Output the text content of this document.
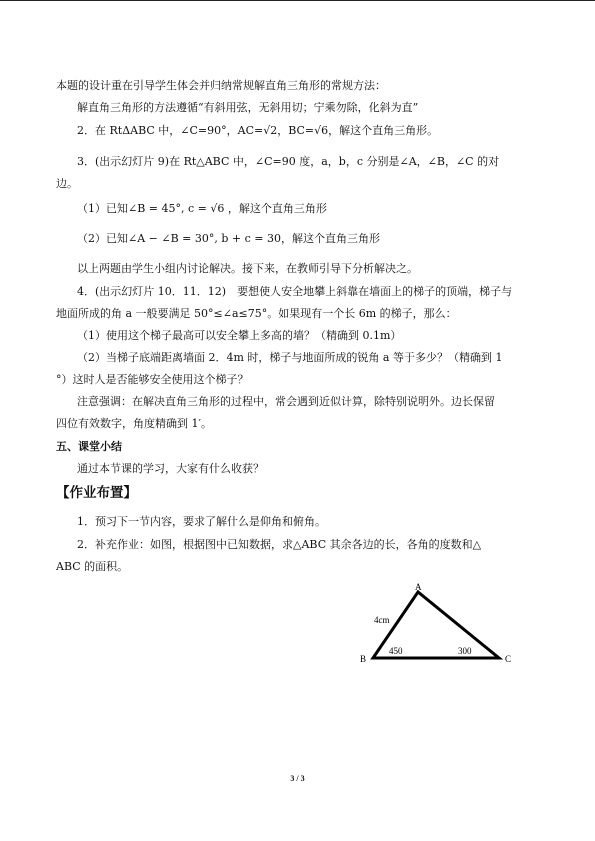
本题的设计重在引导学生体会并归纳常规解直角三角形的常规方法：
解直角三角形的方法遵循“有斜用弦，无斜用切；宁乘勿除，化斜为直”
2．在 RtΔABC 中，∠C=90°，AC=√2，BC=√6，解这个直角三角形。
3．(出示幻灯片 9)在 Rt△ABC 中，∠C=90 度，a，b，c 分别是∠A，∠B，∠C 的对
边。
（1）已知∠B = 45°, c = √6 ，解这个直角三角形
（2）已知∠A − ∠B = 30°, b + c = 30，解这个直角三角形
以上两题由学生小组内讨论解决。接下来，在教师引导下分析解决之。
4．(出示幻灯片 10．11．12)　要想使人安全地攀上斜靠在墙面上的梯子的顶端，梯子与
地面所成的角 a 一般要满足 50°≤∠a≤75°。如果现有一个长 6m 的梯子，那么：
（1）使用这个梯子最高可以安全攀上多高的墙？（精确到 0.1m）
（2）当梯子底端距离墙面 2．4m 时，梯子与地面所成的锐角 a 等于多少？（精确到 1
°）这时人是否能够安全使用这个梯子？
注意强调：在解决直角三角形的过程中，常会遇到近似计算，除特别说明外。边长保留
四位有效数字，角度精确到 1′。
五、课堂小结
通过本节课的学习，大家有什么收获？
【作业布置】
1．预习下一节内容，要求了解什么是仰角和俯角。
2．补充作业：如图，根据图中已知数据，求△ABC 其余各边的长，各角的度数和△
ABC 的面积。
A
B	C
4cm
450	300
3 / 3
